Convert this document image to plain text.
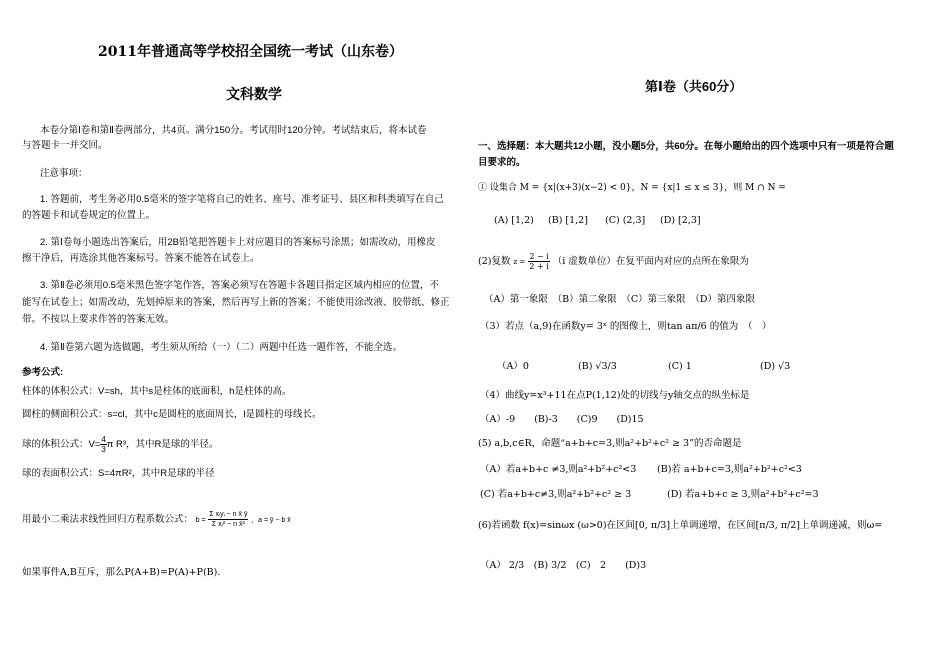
2011年普通高等学校招全国统一考试（山东卷）
文科数学
本卷分第Ⅰ卷和第Ⅱ卷两部分，共4页。满分150分。考试用时120分钟。考试结束后，将本试卷
与答题卡一并交回。
注意事项：
1. 答题前，考生务必用0.5毫米的签字笔将自己的姓名、座号、准考证号、县区和科类填写在自己
的答题卡和试卷规定的位置上。
2. 第Ⅰ卷每小题选出答案后，用2B铅笔把答题卡上对应题目的答案标号涂黑；如需改动，用橡皮
擦干净后，再选涂其他答案标号。答案不能答在试卷上。
3. 第Ⅱ卷必须用0.5毫米黑色签字笔作答，答案必须写在答题卡各题目指定区域内相应的位置，不
能写在试卷上；如需改动，先划掉原来的答案，然后再写上新的答案；不能使用涂改液、胶带纸、修正
带。不按以上要求作答的答案无效。
4. 第Ⅱ卷第六题为选做题，考生须从所给（一）（二）两题中任选一题作答，不能全选。
参考公式:
柱体的体积公式：V=sh，其中s是柱体的底面积，h是柱体的高。
圆柱的侧面积公式：s=cl，其中c是圆柱的底面周长，l是圆柱的母线长。
球的体积公式：$V= \frac{4}{3}$ π R³，其中R是球的半径。
球的表面积公式：S=4πR²，其中R是球的半径
用最小二乘法求线性回归方程系数公式： $b = \frac{\text{Σ xᵢyᵢ − n x̄ ȳ}}{\text{Σ xᵢ² − n x̄²}}$ ，a = ȳ − b x̄
如果事件A,B互斥，那么P(A+B)=P(A)+P(B).
第Ⅰ卷（共60分）
一、选择题：本大题共12小题，没小题5分，共60分。在每小题给出的四个选项中只有一项是符合题
目要求的。
① 设集合 M = {x|(x+3)(x−2) < 0}，N = {x|1 ≤ x ≤ 3}，则 M ∩ N =
(A) [1,2) (B) [1,2] (C) (2,3] (D) [2,3]
(2)复数 $z = \frac{2 - i}{2 + i} (i$ 虚数单位）在复平面内对应的点所在象限为
（A）第一象限　（B）第二象限　（C）第三象限　（D）第四象限
（3）若点（a,9)在函数y= 3ˣ 的图像上，则tan aπ/6 的值为　（　）
（A）0	(B) √3/3	(C) 1	(D) √3
（4）曲线y=x³+11在点P(1,12)处的切线与y轴交点的纵坐标是
（A）-9　　(B)-3　　(C)9　　(D)15
(5) a,b,c∈R，命题“a+b+c=3,则a²+b²+c² ≥ 3”的否命题是
（A）若a+b+c ≠3,则a²+b²+c²<3 (B)若 a+b+c=3,则a²+b²+c²<3
(C) 若a+b+c≠3,则a²+b²+c² ≥ 3	(D) 若a+b+c ≥ 3,则a²+b²+c²=3
(6)若函数 f(x)=sinωx (ω>0)在区间[0, π/3]上单调递增，在区间[π/3, π/2]上单调递减，则ω=
（A） 2/3　(B) 3/2　(C)　2　　(D)3
